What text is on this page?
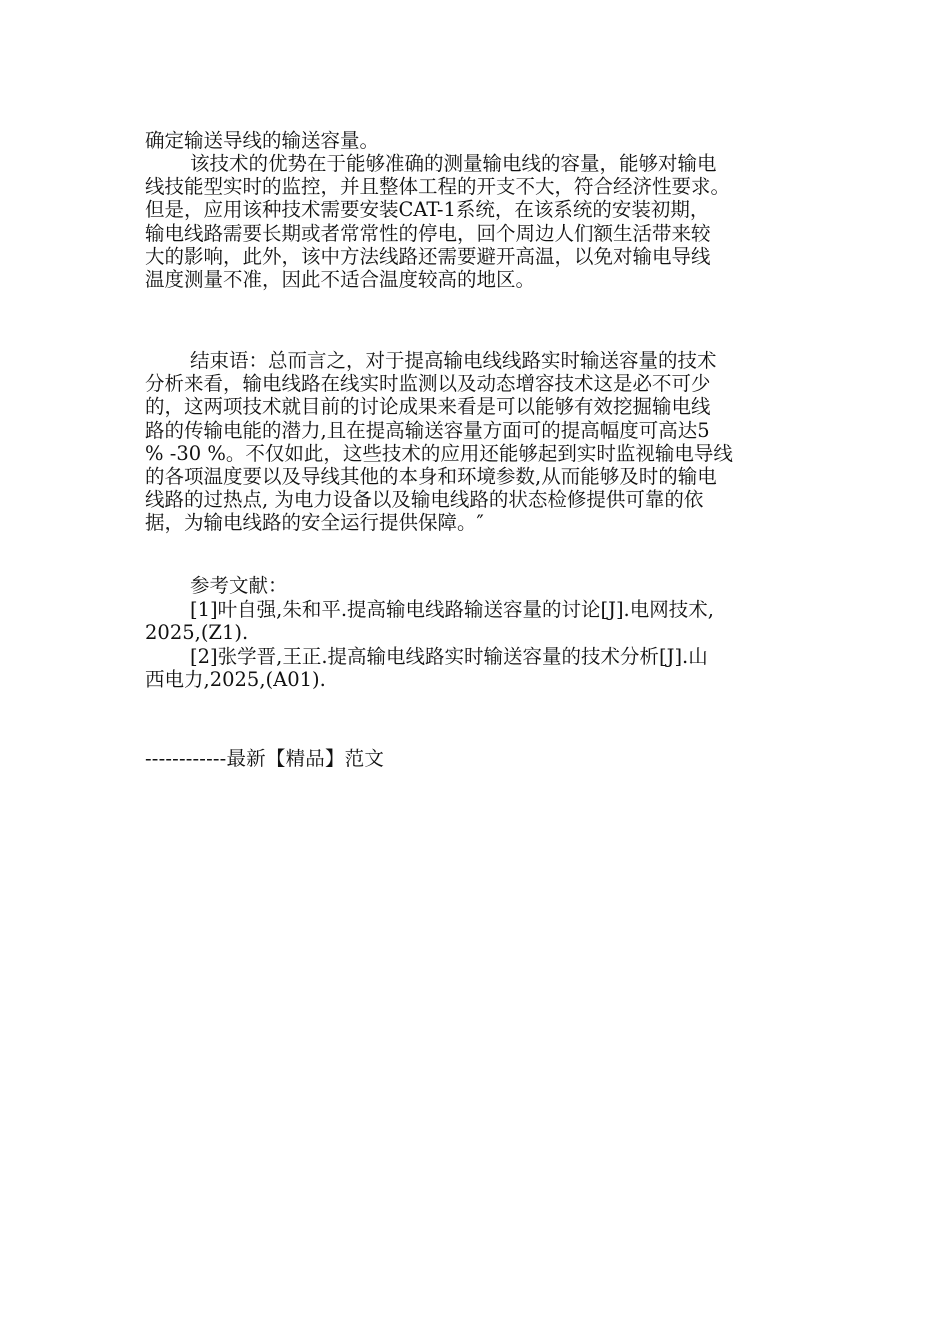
确定输送导线的输送容量。

该技术的优势在于能够准确的测量输电线的容量，能够对输电
线技能型实时的监控，并且整体工程的开支不大，符合经济性要求。
但是，应用该种技术需要安装CAT-1系统，在该系统的安装初期，
输电线路需要长期或者常常性的停电，回个周边人们额生活带来较
大的影响，此外，该中方法线路还需要避开高温，以免对输电导线
温度测量不准，因此不适合温度较高的地区。

结束语：总而言之，对于提高输电线线路实时输送容量的技术
分析来看，输电线路在线实时监测以及动态增容技术这是必不可少
的，这两项技术就目前的讨论成果来看是可以能够有效挖掘输电线
路的传输电能的潜力,且在提高输送容量方面可的提高幅度可高达5
% -30 %。不仅如此，这些技术的应用还能够起到实时监视输电导线
的各项温度要以及导线其他的本身和环境参数,从而能够及时的输电
线路的过热点, 为电力设备以及输电线路的状态检修提供可靠的依
据，为输电线路的安全运行提供保障。″

参考文献：

[1]叶自强,朱和平.提高输电线路输送容量的讨论[J].电网技术,
2025,(Z1).

[2]张学晋,王正.提高输电线路实时输送容量的技术分析[J].山
西电力,2025,(A01).

------------最新【精品】范文
